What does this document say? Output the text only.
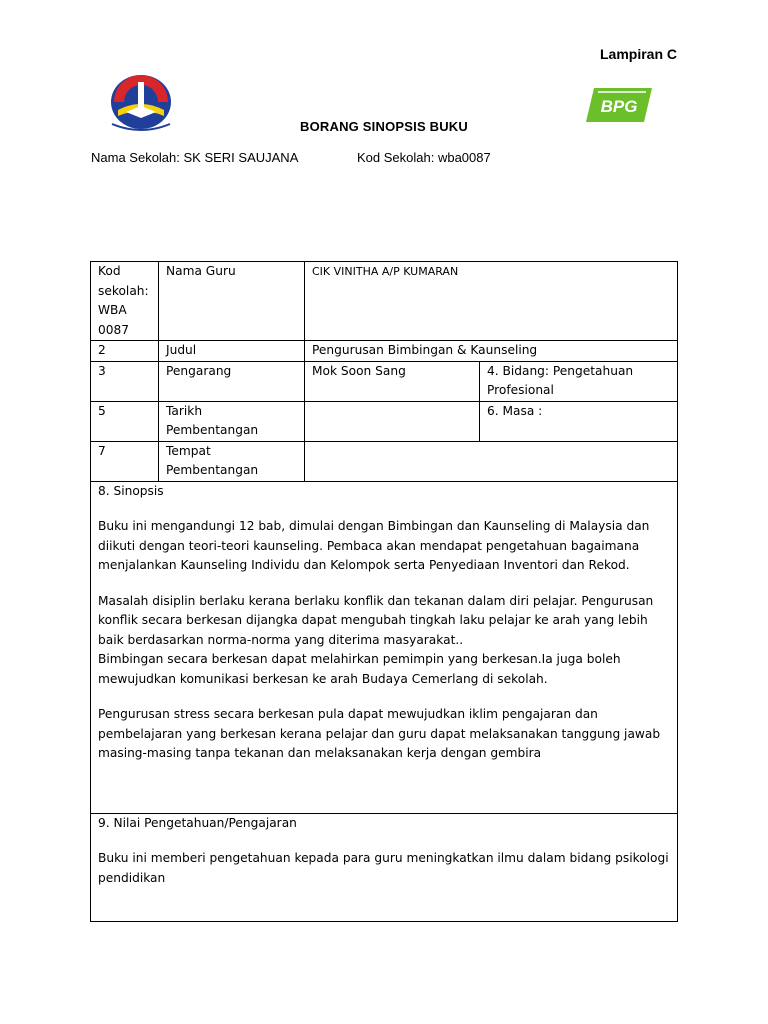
Lampiran C
BPG
BORANG SINOPSIS BUKU
Nama Sekolah: SK SERI SAUJANA	Kod Sekolah: wba0087
Kod
sekolah:
WBA
0087	Nama Guru	CIK VINITHA A/P KUMARAN	
2	Judul	Pengurusan Bimbingan & Kaunseling	
3	Pengarang	Mok Soon Sang	4. Bidang: Pengetahuan
Profesional
5	Tarikh
Pembentangan		6. Masa :
7	Tempat
Pembentangan		

8. Sinopsis

Buku ini mengandungi 12 bab, dimulai dengan Bimbingan dan Kaunseling di Malaysia dan diikuti dengan teori-teori kaunseling. Pembaca akan mendapat pengetahuan bagaimana menjalankan Kaunseling Individu dan Kelompok serta Penyediaan Inventori dan Rekod.

Masalah disiplin berlaku kerana berlaku konflik dan tekanan dalam diri pelajar. Pengurusan konflik secara berkesan dijangka dapat mengubah tingkah laku pelajar ke arah yang lebih baik berdasarkan norma-norma yang diterima masyarakat..

Bimbingan secara berkesan dapat melahirkan pemimpin yang berkesan.Ia juga boleh mewujudkan komunikasi berkesan ke arah Budaya Cemerlang di sekolah.

Pengurusan stress secara berkesan pula dapat mewujudkan iklim pengajaran dan pembelajaran yang berkesan kerana pelajar dan guru dapat melaksanakan tanggung jawab masing-masing tanpa tekanan dan melaksanakan kerja dengan gembira			

9. Nilai Pengetahuan/Pengajaran

Buku ini memberi pengetahuan kepada para guru meningkatkan ilmu dalam bidang psikologi pendidikan			
